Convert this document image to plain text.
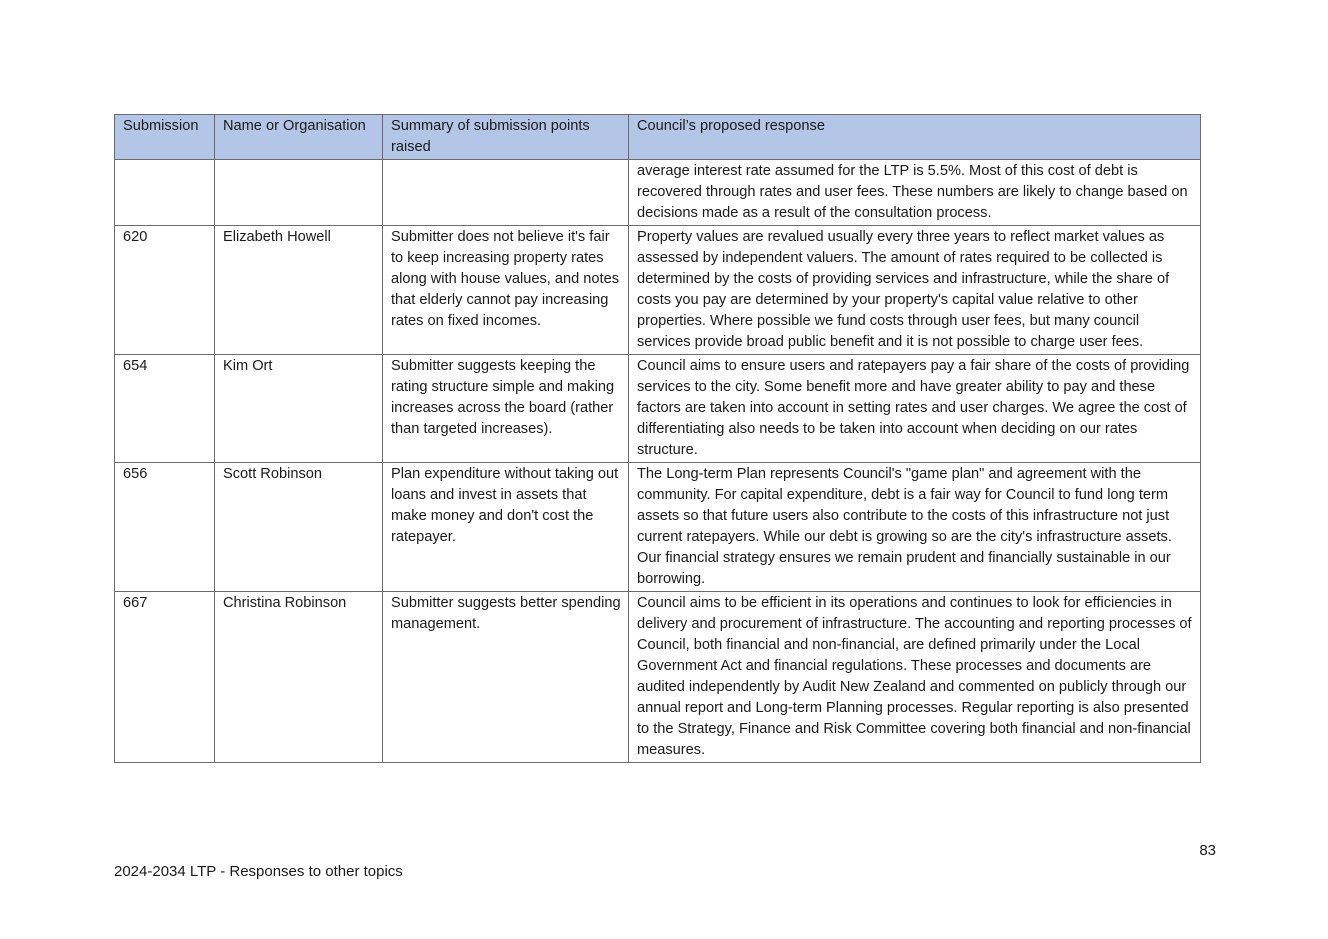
Submission	Name or Organisation	Summary of submission points raised	Council’s proposed response
			average interest rate assumed for the LTP is 5.5%. Most of this cost of debt is recovered through rates and user fees. These numbers are likely to change based on decisions made as a result of the consultation process.
620	Elizabeth Howell	Submitter does not believe it's fair to keep increasing property rates along with house values, and notes that elderly cannot pay increasing rates on fixed incomes.	Property values are revalued usually every three years to reflect market values as assessed by independent valuers. The amount of rates required to be collected is determined by the costs of providing services and infrastructure, while the share of costs you pay are determined by your property's capital value relative to other properties. Where possible we fund costs through user fees, but many council services provide broad public benefit and it is not possible to charge user fees.
654	Kim Ort	Submitter suggests keeping the rating structure simple and making increases across the board (rather than targeted increases).	Council aims to ensure users and ratepayers pay a fair share of the costs of providing services to the city. Some benefit more and have greater ability to pay and these factors are taken into account in setting rates and user charges. We agree the cost of differentiating also needs to be taken into account when deciding on our rates structure.
656	Scott Robinson	Plan expenditure without taking out loans and invest in assets that make money and don't cost the ratepayer.	The Long-term Plan represents Council's "game plan" and agreement with the community. For capital expenditure, debt is a fair way for Council to fund long term assets so that future users also contribute to the costs of this infrastructure not just current ratepayers. While our debt is growing so are the city's infrastructure assets. Our financial strategy ensures we remain prudent and financially sustainable in our borrowing.
667	Christina Robinson	Submitter suggests better spending management.	Council aims to be efficient in its operations and continues to look for efficiencies in delivery and procurement of infrastructure. The accounting and reporting processes of Council, both financial and non-financial, are defined primarily under the Local Government Act and financial regulations. These processes and documents are audited independently by Audit New Zealand and commented on publicly through our annual report and Long-term Planning processes. Regular reporting is also presented to the Strategy, Finance and Risk Committee covering both financial and non-financial measures.
83
2024-2034 LTP - Responses to other topics
